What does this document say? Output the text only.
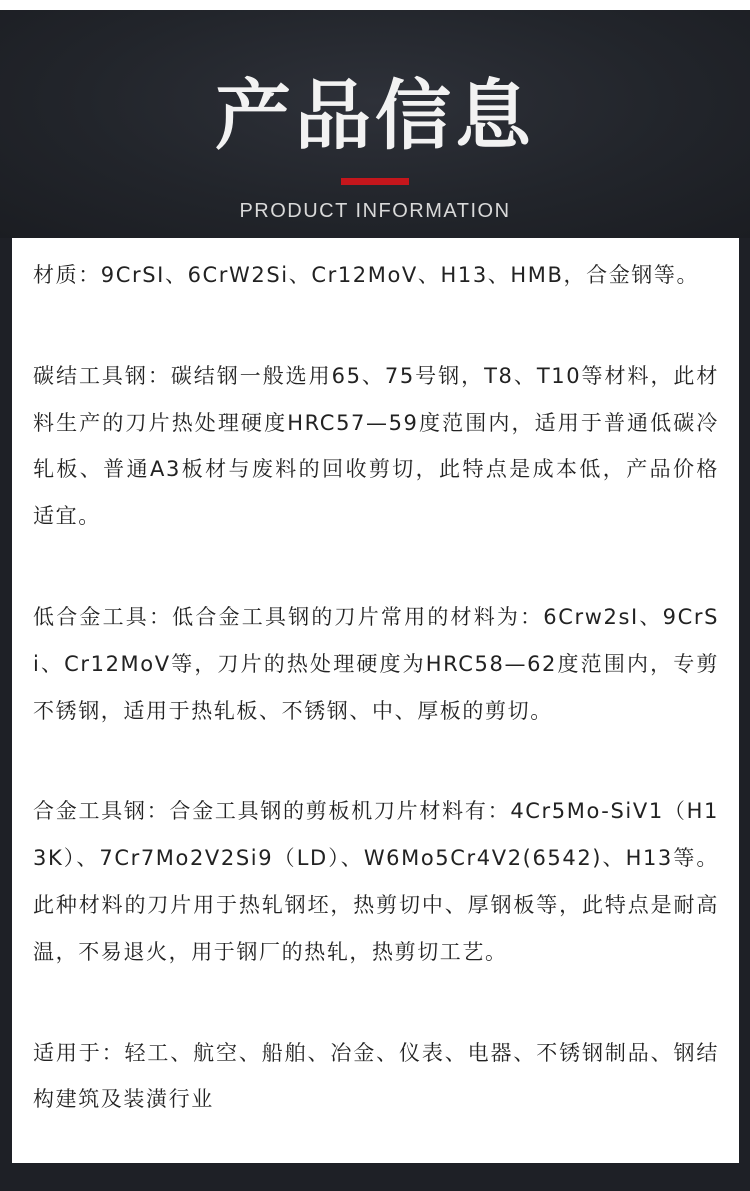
产品信息
PRODUCT INFORMATION

材质：9CrSI、6CrW2Si、Cr12MoV、H13、HMB，合金钢等。

碳结工具钢：碳结钢一般选用65、75号钢，T8、T10等材料，此材料生产的刀片热处理硬度HRC57—59度范围内，适用于普通低碳冷轧板、普通A3板材与废料的回收剪切，此特点是成本低，产品价格适宜。

低合金工具：低合金工具钢的刀片常用的材料为：6Crw2sI、9CrSi、Cr12MoV等，刀片的热处理硬度为HRC58—62度范围内，专剪不锈钢，适用于热轧板、不锈钢、中、厚板的剪切。

合金工具钢：合金工具钢的剪板机刀片材料有：4Cr5Mo-SiV1（H13K）、7Cr7Mo2V2Si9（LD）、W6Mo5Cr4V2(6542)、H13等。此种材料的刀片用于热轧钢坯，热剪切中、厚钢板等，此特点是耐高温，不易退火，用于钢厂的热轧，热剪切工艺。

适用于：轻工、航空、船舶、冶金、仪表、电器、不锈钢制品、钢结构建筑及装潢行业
